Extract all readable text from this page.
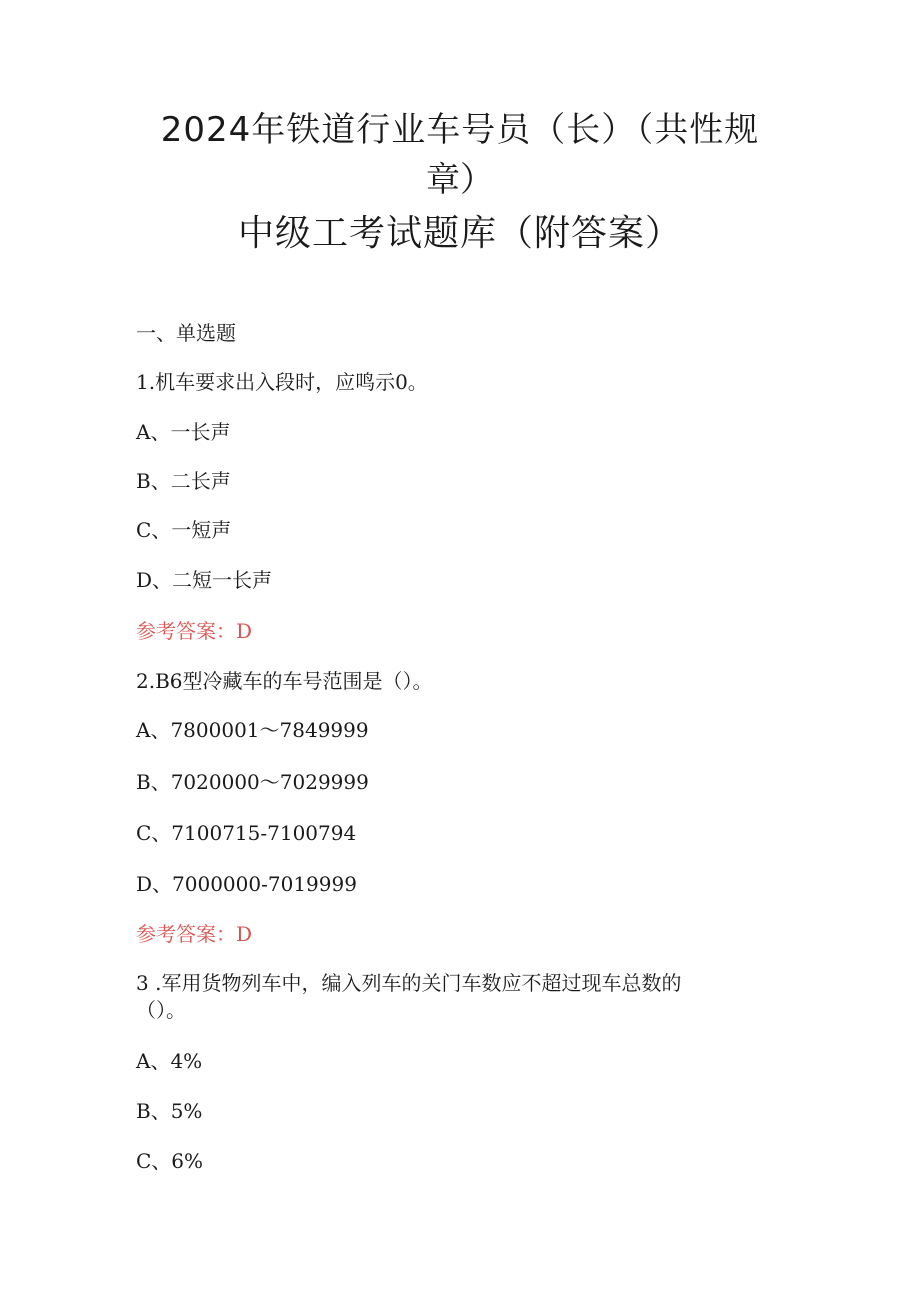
2024年铁道行业车号员（长）（共性规
章）
中级工考试题库（附答案）
一、单选题
1.机车要求出入段时，应鸣示0。
A、一长声
B、二长声
C、一短声
D、二短一长声
参考答案：D
2.B6型冷藏车的车号范围是（）。
A、7800001～7849999
B、7020000～7029999
C、7100715-7100794
D、7000000-7019999
参考答案：D
3 .军用货物列车中，编入列车的关门车数应不超过现车总数的
（）。
A、4%
B、5%
C、6%
